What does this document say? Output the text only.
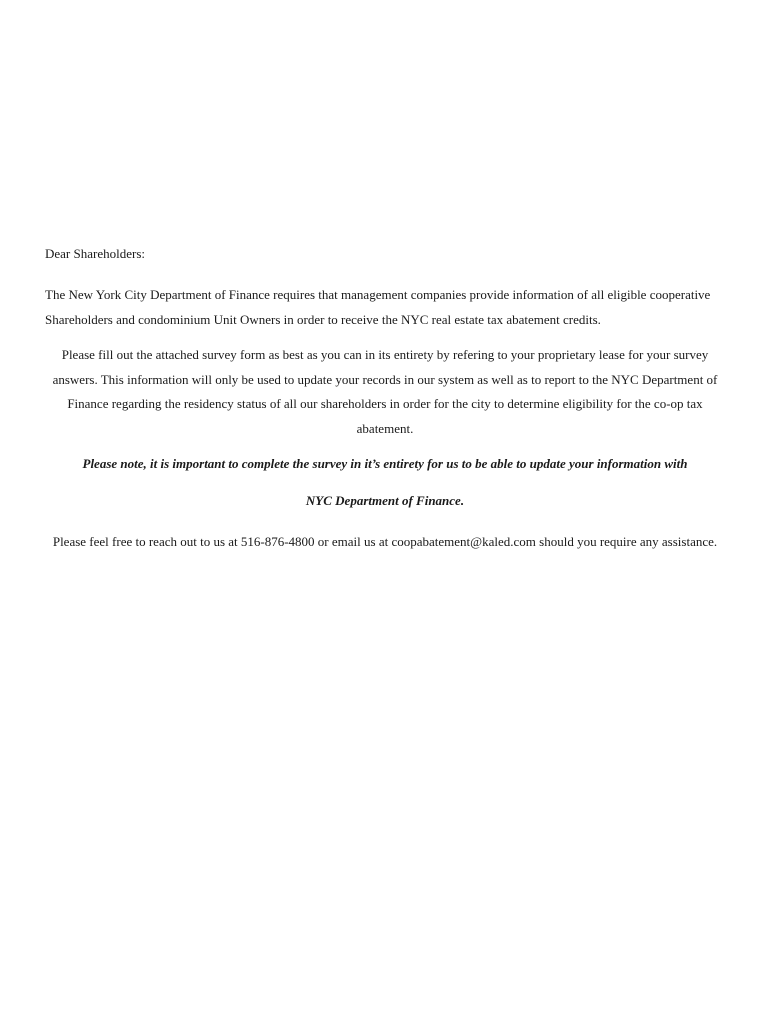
Dear Shareholders:

The New York City Department of Finance requires that management companies provide information of all eligible cooperative Shareholders and condominium Unit Owners in order to receive the NYC real estate tax abatement credits.

Please fill out the attached survey form as best as you can in its entirety by refering to your proprietary lease for your survey answers. This information will only be used to update your records in our system as well as to report to the NYC Department of Finance regarding the residency status of all our shareholders in order for the city to determine eligibility for the co-op tax abatement.

Please note, it is important to complete the survey in it’s entirety for us to be able to update your information with

NYC Department of Finance.

Please feel free to reach out to us at 516-876-4800 or email us at coopabatement@kaled.com should you require any assistance.
